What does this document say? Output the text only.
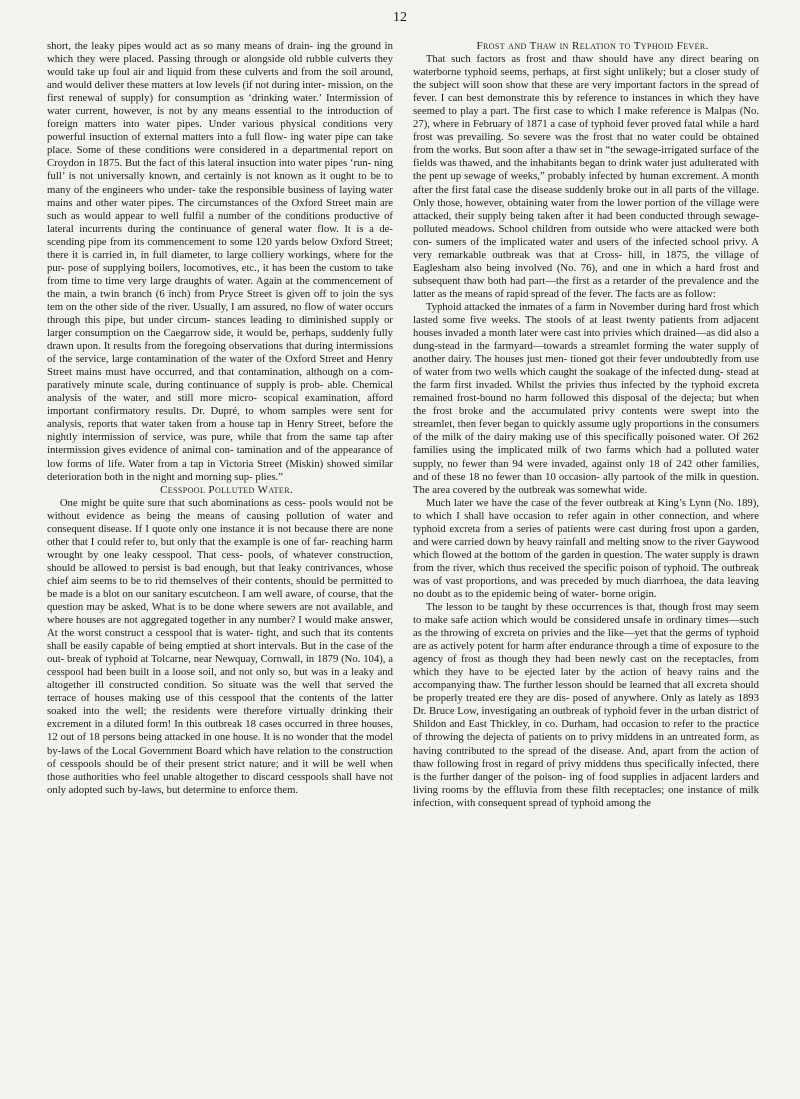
12

short, the leaky pipes would act as so many means of drain- ing the ground in which they were placed. Passing through or alongside old rubble culverts they would take up foul air and liquid from these culverts and from the soil around, and would deliver these matters at low levels (if not during inter- mission, on the first renewal of supply) for consumption as ‘drinking water.’ Intermission of water current, however, is not by any means essential to the introduction of foreign matters into water pipes. Under various physical conditions very powerful insuction of external matters into a full flow- ing water pipe can take place. Some of these conditions were considered in a departmental report on Croydon in 1875. But the fact of this lateral insuction into water pipes ‘run- ning full’ is not universally known, and certainly is not known as it ought to be to many of the engineers who under- take the responsible business of laying water mains and other water pipes. The circumstances of the Oxford Street main are such as would appear to well fulfil a number of the conditions productive of lateral incurrents during the continuance of general water flow. It is a de- scending pipe from its commencement to some 120 yards below Oxford Street; there it is carried in, in full diameter, to large colliery workings, where for the pur- pose of supplying boilers, locomotives, etc., it has been the custom to take from time to time very large draughts of water. Again at the commencement of the main, a twin branch (6 inch) from Pryce Street is given off to join the sys tem on the other side of the river. Usually, I am assured, no flow of water occurs through this pipe, but under circum- stances leading to diminished supply or larger consumption on the Caegarrow side, it would be, perhaps, suddenly fully drawn upon. It results from the foregoing observations that during intermissions of the service, large contamination of the water of the Oxford Street and Henry Street mains must have occurred, and that contamination, although on a com- paratively minute scale, during continuance of supply is prob- able. Chemical analysis of the water, and still more micro- scopical examination, afford important confirmatory results. Dr. Dupré, to whom samples were sent for analysis, reports that water taken from a house tap in Henry Street, before the nightly intermission of service, was pure, while that from the same tap after intermission gives evidence of animal con- tamination and of the appearance of low forms of life. Water from a tap in Victoria Street (Miskin) showed similar deterioration both in the night and morning sup- plies.”

Cesspool Polluted Water.

One might be quite sure that such abominations as cess- pools would not be without evidence as being the means of causing pollution of water and consequent disease. If I quote only one instance it is not because there are none other that I could refer to, but only that the example is one of far- reaching harm wrought by one leaky cesspool. That cess- pools, of whatever construction, should be allowed to persist is bad enough, but that leaky contrivances, whose chief aim seems to be to rid themselves of their contents, should be permitted to be made is a blot on our sanitary escutcheon. I am well aware, of course, that the question may be asked, What is to be done where sewers are not available, and where houses are not aggregated together in any number? I would make answer, At the worst construct a cesspool that is water- tight, and such that its contents shall be easily capable of being emptied at short intervals. But in the case of the out- break of typhoid at Tolcarne, near Newquay, Cornwall, in 1879 (No. 104), a cesspool had been built in a loose soil, and not only so, but was in a leaky and altogether ill constructed condition. So situate was the well that served the terrace of houses making use of this cesspool that the contents of the latter soaked into the well; the residents were therefore virtually drinking their excrement in a diluted form! In this outbreak 18 cases occurred in three houses, 12 out of 18 persons being attacked in one house. It is no wonder that the model by-laws of the Local Government Board which have relation to the construction of cesspools should be of their present strict nature; and it will be well when those authorities who feel unable altogether to discard cesspools shall have not only adopted such by-laws, but determine to enforce them.

Frost and Thaw in Relation to Typhoid Fever.

That such factors as frost and thaw should have any direct bearing on waterborne typhoid seems, perhaps, at first sight unlikely; but a closer study of the subject will soon show that these are very important factors in the spread of fever. I can best demonstrate this by reference to instances in which they have seemed to play a part. The first case to which I make reference is Malpas (No. 27), where in February of 1871 a case of typhoid fever proved fatal while a hard frost was prevailing. So severe was the frost that no water could be obtained from the works. But soon after a thaw set in “the sewage-irrigated surface of the fields was thawed, and the inhabitants began to drink water just adulterated with the pent up sewage of weeks,” probably infected by human excrement. A month after the first fatal case the disease suddenly broke out in all parts of the village. Only those, however, obtaining water from the lower portion of the village were attacked, their supply being taken after it had been conducted through sewage-polluted meadows. School children from outside who were attacked were both con- sumers of the implicated water and users of the infected school privy. A very remarkable outbreak was that at Cross- hill, in 1875, the village of Eaglesham also being involved (No. 76), and one in which a hard frost and subsequent thaw both had part—the first as a retarder of the prevalence and the latter as the means of rapid spread of the fever. The facts are as follow:

Typhoid attacked the inmates of a farm in November during hard frost which lasted some five weeks. The stools of at least twenty patients from adjacent houses invaded a month later were cast into privies which drained—as did also a dung-stead in the farmyard—towards a streamlet forming the water supply of another dairy. The houses just men- tioned got their fever undoubtedly from use of water from two wells which caught the soakage of the infected dung- stead at the farm first invaded. Whilst the privies thus infected by the typhoid excreta remained frost-bound no harm followed this disposal of the dejecta; but when the frost broke and the accumulated privy contents were swept into the streamlet, then fever began to quickly assume ugly proportions in the consumers of the milk of the dairy making use of this specifically poisoned water. Of 262 families using the implicated milk of two farms which had a polluted water supply, no fewer than 94 were invaded, against only 18 of 242 other families, and of these 18 no fewer than 10 occasion- ally partook of the milk in question. The area covered by the outbreak was somewhat wide.

Much later we have the case of the fever outbreak at King’s Lynn (No. 189), to which I shall have occasion to refer again in other connection, and where typhoid excreta from a series of patients were cast during frost upon a garden, and were carried down by heavy rainfall and melting snow to the river Gaywood which flowed at the bottom of the garden in question. The water supply is drawn from the river, which thus received the specific poison of typhoid. The outbreak was of vast proportions, and was preceded by much diarrhoea, the data leaving no doubt as to the epidemic being of water- borne origin.

The lesson to be taught by these occurrences is that, though frost may seem to make safe action which would be considered unsafe in ordinary times—such as the throwing of excreta on privies and the like—yet that the germs of typhoid are as actively potent for harm after endurance through a time of exposure to the agency of frost as though they had been newly cast on the receptacles, from which they have to be ejected later by the action of heavy rains and the accompanying thaw. The further lesson should be learned that all excreta should be properly treated ere they are dis- posed of anywhere. Only as lately as 1893 Dr. Bruce Low, investigating an outbreak of typhoid fever in the urban district of Shildon and East Thickley, in co. Durham, had occasion to refer to the practice of throwing the dejecta of patients on to privy middens in an untreated form, as having contributed to the spread of the disease. And, apart from the action of thaw following frost in regard of privy middens thus specifically infected, there is the further danger of the poison- ing of food supplies in adjacent larders and living rooms by the effluvia from these filth receptacles; one instance of milk infection, with consequent spread of typhoid among the
